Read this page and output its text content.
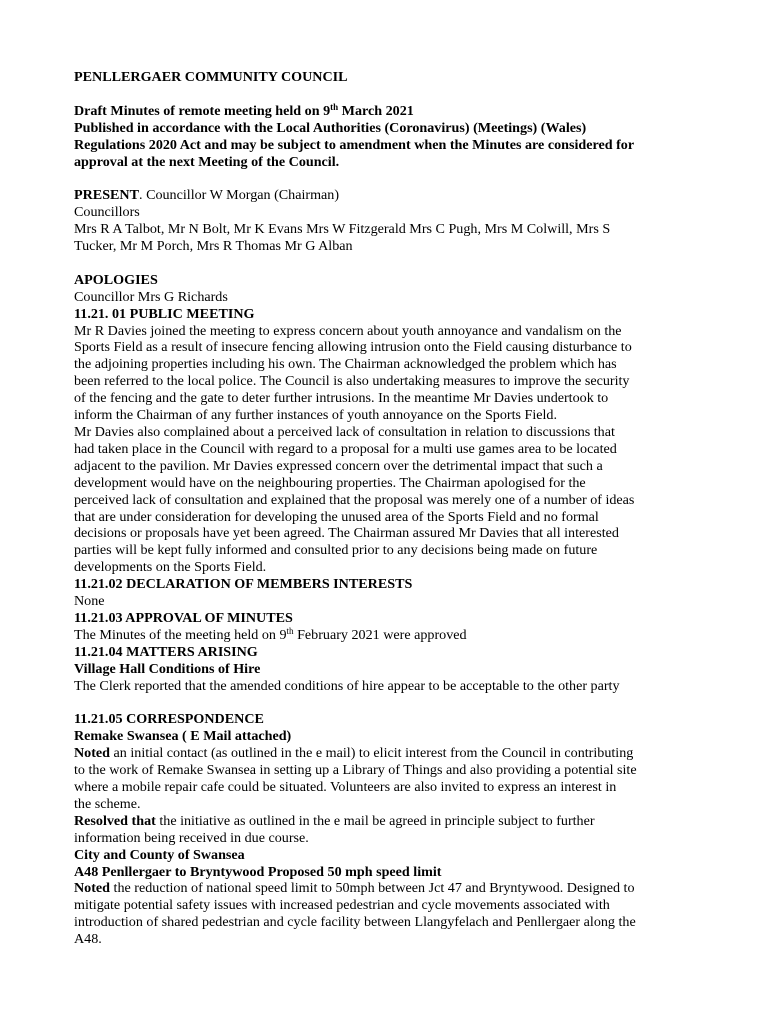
PENLLERGAER COMMUNITY COUNCIL

Draft Minutes of remote meeting held on 9th March 2021

Published in accordance with the Local Authorities (Coronavirus) (Meetings) (Wales)

Regulations 2020 Act and may be subject to amendment when the Minutes are considered for

approval at the next Meeting of the Council.

PRESENT. Councillor W Morgan (Chairman)

Councillors

Mrs R A Talbot, Mr N Bolt, Mr K Evans Mrs W Fitzgerald Mrs C Pugh, Mrs M Colwill, Mrs S

Tucker, Mr M Porch, Mrs R Thomas Mr G Alban

APOLOGIES

Councillor Mrs G Richards

11.21. 01 PUBLIC MEETING

Mr R Davies joined the meeting to express concern about youth annoyance and vandalism on the

Sports Field as a result of insecure fencing allowing intrusion onto the Field causing disturbance to

the adjoining properties including his own. The Chairman acknowledged the problem which has

been referred to the local police. The Council is also undertaking measures to improve the security

of the fencing and the gate to deter further intrusions. In the meantime Mr Davies undertook to

inform the Chairman of any further instances of youth annoyance on the Sports Field.

Mr Davies also complained about a perceived lack of consultation in relation to discussions that

had taken place in the Council with regard to a proposal for a multi use games area to be located

adjacent to the pavilion. Mr Davies expressed concern over the detrimental impact that such a

development would have on the neighbouring properties. The Chairman apologised for the

perceived lack of consultation and explained that the proposal was merely one of a number of ideas

that are under consideration for developing the unused area of the Sports Field and no formal

decisions or proposals have yet been agreed. The Chairman assured Mr Davies that all interested

parties will be kept fully informed and consulted prior to any decisions being made on future

developments on the Sports Field.

11.21.02 DECLARATION OF MEMBERS INTERESTS

None

11.21.03 APPROVAL OF MINUTES

The Minutes of the meeting held on 9th February 2021 were approved

11.21.04 MATTERS ARISING

Village Hall Conditions of Hire

The Clerk reported that the amended conditions of hire appear to be acceptable to the other party

11.21.05 CORRESPONDENCE

Remake Swansea ( E Mail attached)

Noted an initial contact (as outlined in the e mail) to elicit interest from the Council in contributing

to the work of Remake Swansea in setting up a Library of Things and also providing a potential site

where a mobile repair cafe could be situated. Volunteers are also invited to express an interest in

the scheme.

Resolved that the initiative as outlined in the e mail be agreed in principle subject to further

information being received in due course.

City and County of Swansea

A48 Penllergaer to Bryntywood Proposed 50 mph speed limit

Noted the reduction of national speed limit to 50mph between Jct 47 and Bryntywood. Designed to

mitigate potential safety issues with increased pedestrian and cycle movements associated with

introduction of shared pedestrian and cycle facility between Llangyfelach and Penllergaer along the

A48.
